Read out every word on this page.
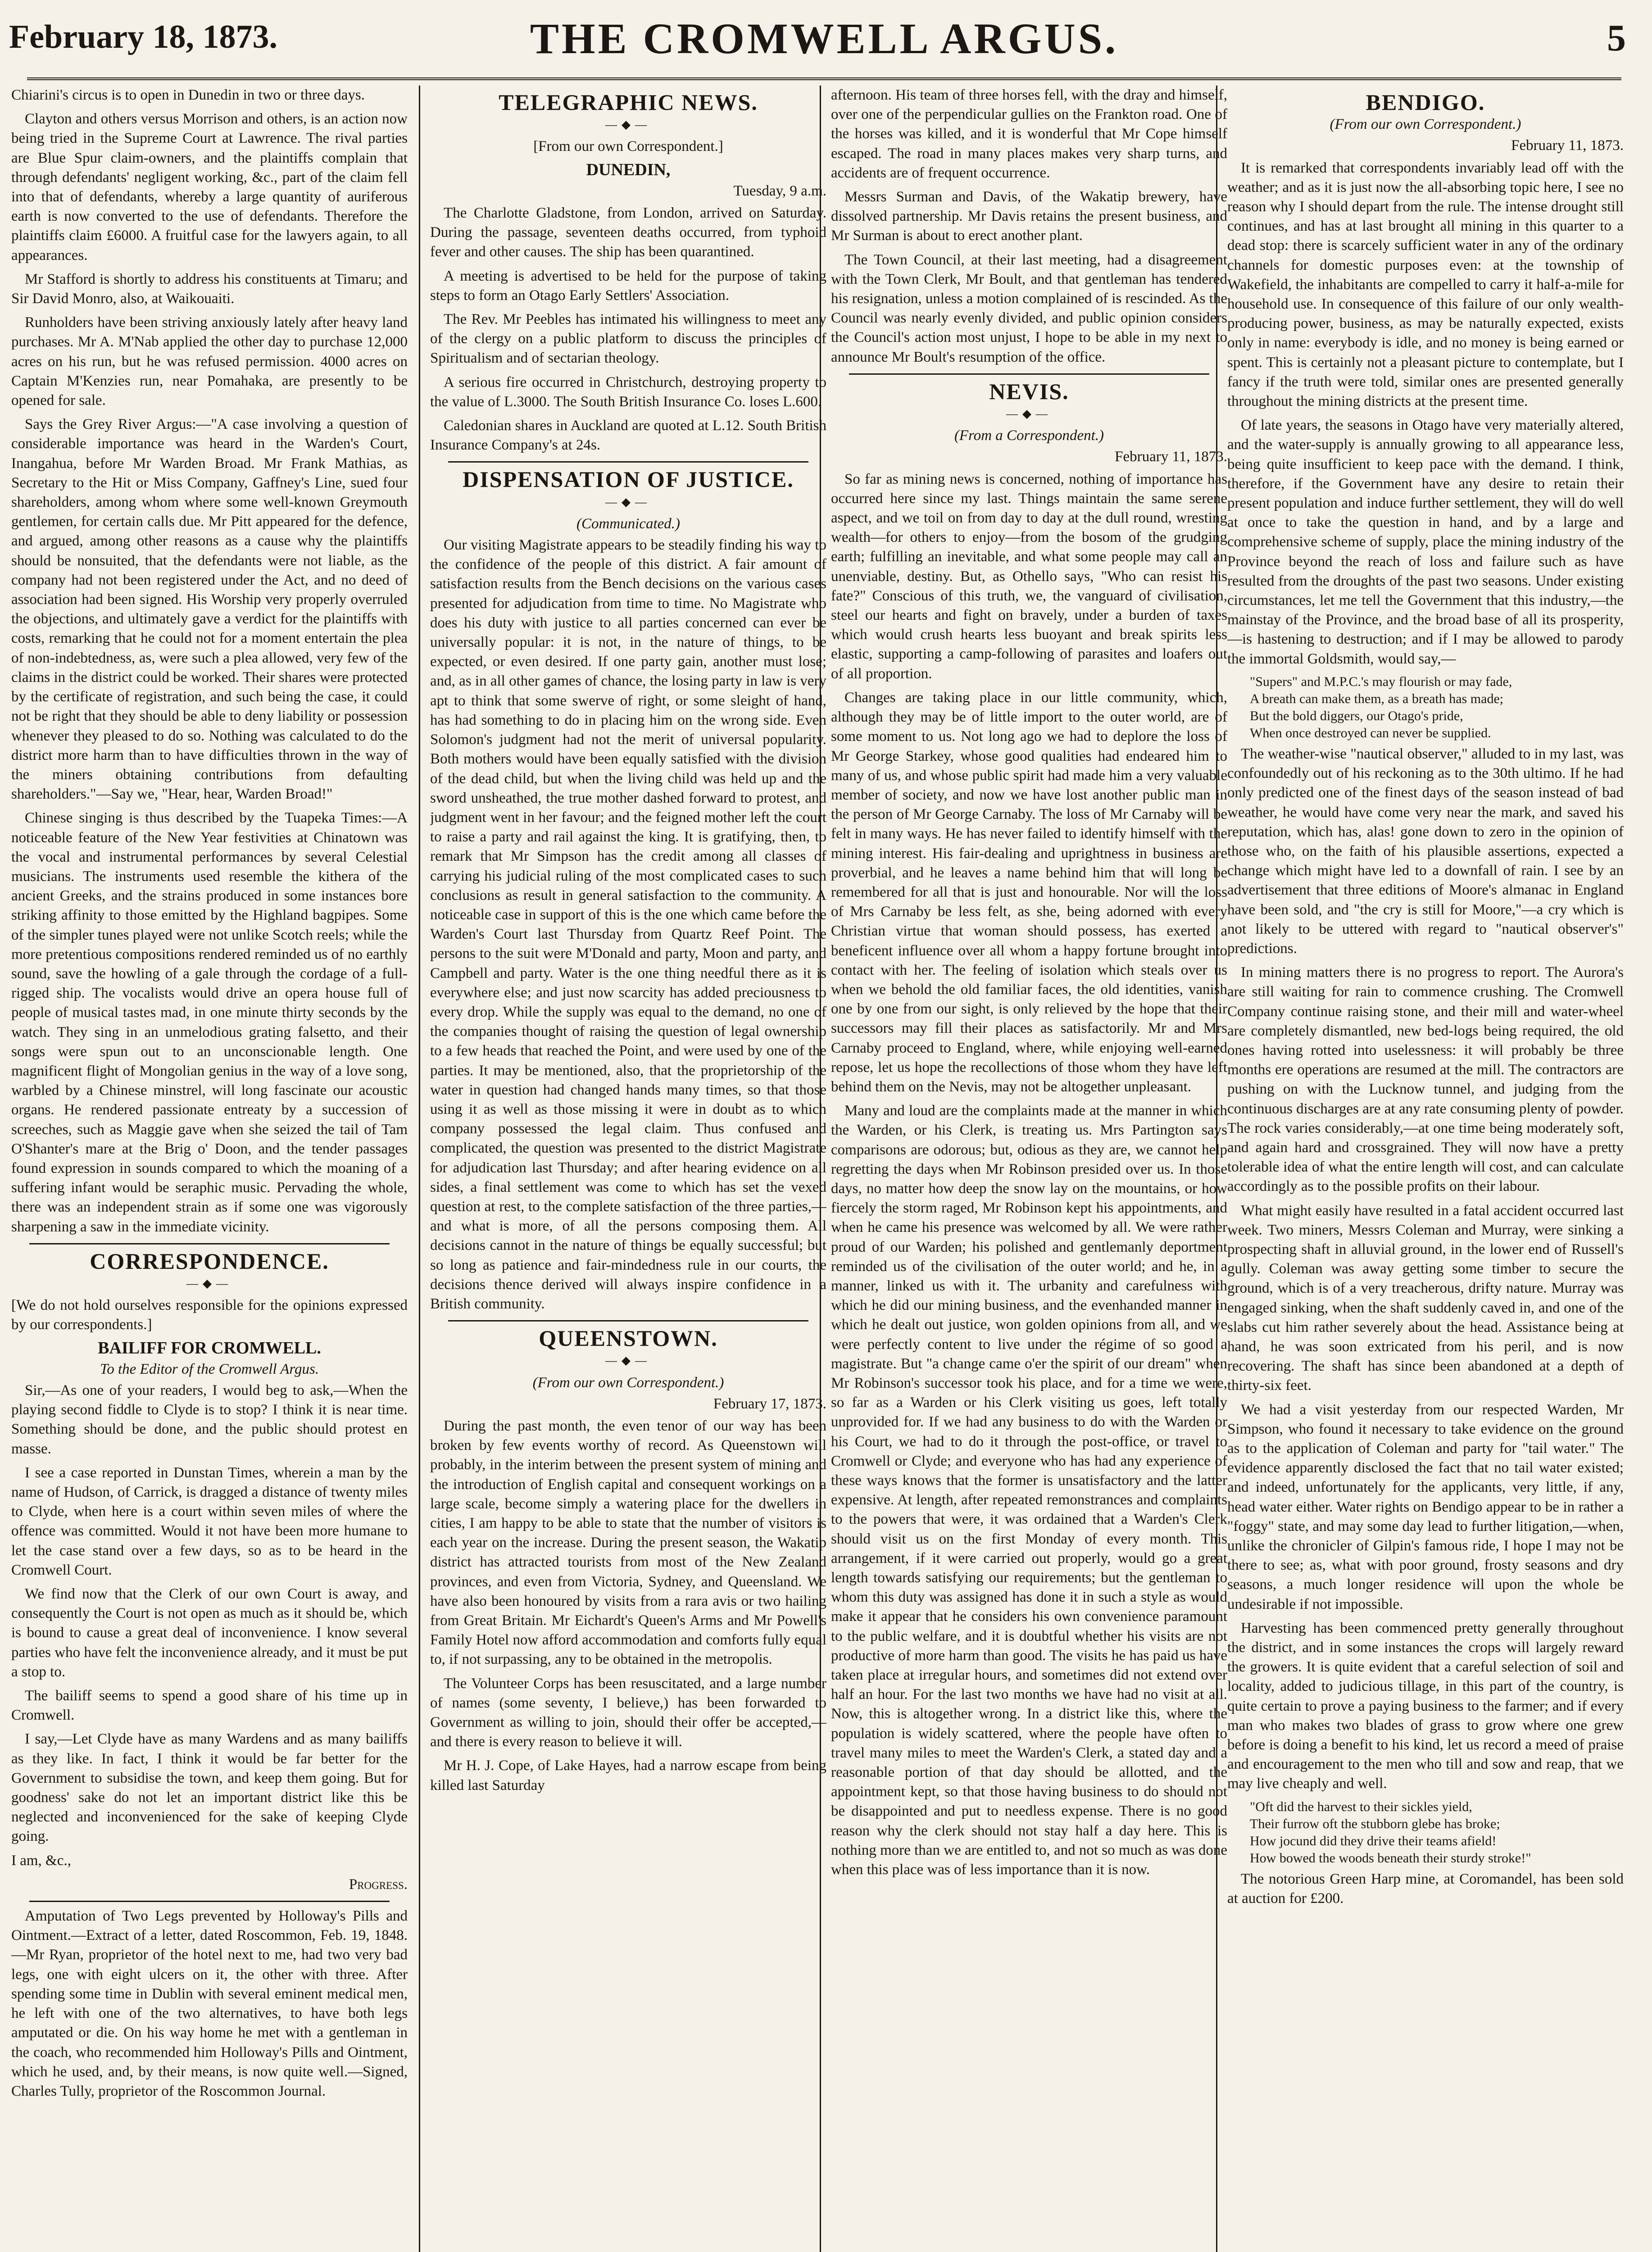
February 18, 1873.	THE CROMWELL ARGUS.	5

Chiarini's circus is to open in Dunedin in two or three days.

Clayton and others versus Morrison and others, is an action now being tried in the Supreme Court at Lawrence. The rival parties are Blue Spur claim-owners, and the plaintiffs complain that through defendants' negligent working, &c., part of the claim fell into that of defendants, whereby a large quantity of auriferous earth is now converted to the use of defendants. Therefore the plaintiffs claim £6000. A fruitful case for the lawyers again, to all appearances.

Mr Stafford is shortly to address his constituents at Timaru; and Sir David Monro, also, at Waikouaiti.

Runholders have been striving anxiously lately after heavy land purchases. Mr A. M'Nab applied the other day to purchase 12,000 acres on his run, but he was refused permission. 4000 acres on Captain M'Kenzies run, near Pomahaka, are presently to be opened for sale.

Says the Grey River Argus:—"A case involving a question of considerable importance was heard in the Warden's Court, Inangahua, before Mr Warden Broad. Mr Frank Mathias, as Secretary to the Hit or Miss Company, Gaffney's Line, sued four shareholders, among whom where some well-known Greymouth gentlemen, for certain calls due. Mr Pitt appeared for the defence, and argued, among other reasons as a cause why the plaintiffs should be nonsuited, that the defendants were not liable, as the company had not been registered under the Act, and no deed of association had been signed. His Worship very properly overruled the objections, and ultimately gave a verdict for the plaintiffs with costs, remarking that he could not for a moment entertain the plea of non-indebtedness, as, were such a plea allowed, very few of the claims in the district could be worked. Their shares were protected by the certificate of registration, and such being the case, it could not be right that they should be able to deny liability or possession whenever they pleased to do so. Nothing was calculated to do the district more harm than to have difficulties thrown in the way of the miners obtaining contributions from defaulting shareholders."—Say we, "Hear, hear, Warden Broad!"

Chinese singing is thus described by the Tuapeka Times:—A noticeable feature of the New Year festivities at Chinatown was the vocal and instrumental performances by several Celestial musicians. The instruments used resemble the kithera of the ancient Greeks, and the strains produced in some instances bore striking affinity to those emitted by the Highland bagpipes. Some of the simpler tunes played were not unlike Scotch reels; while the more pretentious compositions rendered reminded us of no earthly sound, save the howling of a gale through the cordage of a full-rigged ship. The vocalists would drive an opera house full of people of musical tastes mad, in one minute thirty seconds by the watch. They sing in an unmelodious grating falsetto, and their songs were spun out to an unconscionable length. One magnificent flight of Mongolian genius in the way of a love song, warbled by a Chinese minstrel, will long fascinate our acoustic organs. He rendered passionate entreaty by a succession of screeches, such as Maggie gave when she seized the tail of Tam O'Shanter's mare at the Brig o' Doon, and the tender passages found expression in sounds compared to which the moaning of a suffering infant would be seraphic music. Pervading the whole, there was an independent strain as if some one was vigorously sharpening a saw in the immediate vicinity.

CORRESPONDENCE.
—◆—

[We do not hold ourselves responsible for the opinions expressed by our correspondents.]

BAILIFF FOR CROMWELL.

To the Editor of the Cromwell Argus.

Sir,—As one of your readers, I would beg to ask,—When the playing second fiddle to Clyde is to stop? I think it is near time. Something should be done, and the public should protest en masse.

I see a case reported in Dunstan Times, wherein a man by the name of Hudson, of Carrick, is dragged a distance of twenty miles to Clyde, when here is a court within seven miles of where the offence was committed. Would it not have been more humane to let the case stand over a few days, so as to be heard in the Cromwell Court.

We find now that the Clerk of our own Court is away, and consequently the Court is not open as much as it should be, which is bound to cause a great deal of inconvenience. I know several parties who have felt the inconvenience already, and it must be put a stop to.

The bailiff seems to spend a good share of his time up in Cromwell.

I say,—Let Clyde have as many Wardens and as many bailiffs as they like. In fact, I think it would be far better for the Government to subsidise the town, and keep them going. But for goodness' sake do not let an important district like this be neglected and inconvenienced for the sake of keeping Clyde going.

I am, &c.,

Progress.

Amputation of Two Legs prevented by Holloway's Pills and Ointment.—Extract of a letter, dated Roscommon, Feb. 19, 1848.—Mr Ryan, proprietor of the hotel next to me, had two very bad legs, one with eight ulcers on it, the other with three. After spending some time in Dublin with several eminent medical men, he left with one of the two alternatives, to have both legs amputated or die. On his way home he met with a gentleman in the coach, who recommended him Holloway's Pills and Ointment, which he used, and, by their means, is now quite well.—Signed, Charles Tully, proprietor of the Roscommon Journal.

TELEGRAPHIC NEWS.
—◆—

[From our own Correspondent.]

DUNEDIN,

Tuesday, 9 a.m.

The Charlotte Gladstone, from London, arrived on Saturday. During the passage, seventeen deaths occurred, from typhoid fever and other causes. The ship has been quarantined.

A meeting is advertised to be held for the purpose of taking steps to form an Otago Early Settlers' Association.

The Rev. Mr Peebles has intimated his willingness to meet any of the clergy on a public platform to discuss the principles of Spiritualism and of sectarian theology.

A serious fire occurred in Christchurch, destroying property to the value of L.3000. The South British Insurance Co. loses L.600.

Caledonian shares in Auckland are quoted at L.12. South British Insurance Company's at 24s.

DISPENSATION OF JUSTICE.
—◆—

(Communicated.)

Our visiting Magistrate appears to be steadily finding his way to the confidence of the people of this district. A fair amount of satisfaction results from the Bench decisions on the various cases presented for adjudication from time to time. No Magistrate who does his duty with justice to all parties concerned can ever be universally popular: it is not, in the nature of things, to be expected, or even desired. If one party gain, another must lose; and, as in all other games of chance, the losing party in law is very apt to think that some swerve of right, or some sleight of hand, has had something to do in placing him on the wrong side. Even Solomon's judgment had not the merit of universal popularity. Both mothers would have been equally satisfied with the division of the dead child, but when the living child was held up and the sword unsheathed, the true mother dashed forward to protest, and judgment went in her favour; and the feigned mother left the court to raise a party and rail against the king. It is gratifying, then, to remark that Mr Simpson has the credit among all classes of carrying his judicial ruling of the most complicated cases to such conclusions as result in general satisfaction to the community. A noticeable case in support of this is the one which came before the Warden's Court last Thursday from Quartz Reef Point. The persons to the suit were M'Donald and party, Moon and party, and Campbell and party. Water is the one thing needful there as it is everywhere else; and just now scarcity has added preciousness to every drop. While the supply was equal to the demand, no one of the companies thought of raising the question of legal ownership to a few heads that reached the Point, and were used by one of the parties. It may be mentioned, also, that the proprietorship of the water in question had changed hands many times, so that those using it as well as those missing it were in doubt as to which company possessed the legal claim. Thus confused and complicated, the question was presented to the district Magistrate for adjudication last Thursday; and after hearing evidence on all sides, a final settlement was come to which has set the vexed question at rest, to the complete satisfaction of the three parties,—and what is more, of all the persons composing them. All decisions cannot in the nature of things be equally successful; but so long as patience and fair-mindedness rule in our courts, the decisions thence derived will always inspire confidence in a British community.

QUEENSTOWN.
—◆—

(From our own Correspondent.)

February 17, 1873.

During the past month, the even tenor of our way has been broken by few events worthy of record. As Queenstown will probably, in the interim between the present system of mining and the introduction of English capital and consequent workings on a large scale, become simply a watering place for the dwellers in cities, I am happy to be able to state that the number of visitors is each year on the increase. During the present season, the Wakatip district has attracted tourists from most of the New Zealand provinces, and even from Victoria, Sydney, and Queensland. We have also been honoured by visits from a rara avis or two hailing from Great Britain. Mr Eichardt's Queen's Arms and Mr Powell's Family Hotel now afford accommodation and comforts fully equal to, if not surpassing, any to be obtained in the metropolis.

The Volunteer Corps has been resuscitated, and a large number of names (some seventy, I believe,) has been forwarded to Government as willing to join, should their offer be accepted,—and there is every reason to believe it will.

Mr H. J. Cope, of Lake Hayes, had a narrow escape from being killed last Saturday

afternoon. His team of three horses fell, with the dray and himself, over one of the perpendicular gullies on the Frankton road. One of the horses was killed, and it is wonderful that Mr Cope himself escaped. The road in many places makes very sharp turns, and accidents are of frequent occurrence.

Messrs Surman and Davis, of the Wakatip brewery, have dissolved partnership. Mr Davis retains the present business, and Mr Surman is about to erect another plant.

The Town Council, at their last meeting, had a disagreement with the Town Clerk, Mr Boult, and that gentleman has tendered his resignation, unless a motion complained of is rescinded. As the Council was nearly evenly divided, and public opinion considers the Council's action most unjust, I hope to be able in my next to announce Mr Boult's resumption of the office.

NEVIS.
—◆—

(From a Correspondent.)

February 11, 1873.

So far as mining news is concerned, nothing of importance has occurred here since my last. Things maintain the same serene aspect, and we toil on from day to day at the dull round, wresting wealth—for others to enjoy—from the bosom of the grudging earth; fulfilling an inevitable, and what some people may call an unenviable, destiny. But, as Othello says, "Who can resist his fate?" Conscious of this truth, we, the vanguard of civilisation, steel our hearts and fight on bravely, under a burden of taxes which would crush hearts less buoyant and break spirits less elastic, supporting a camp-following of parasites and loafers out of all proportion.

Changes are taking place in our little community, which, although they may be of little import to the outer world, are of some moment to us. Not long ago we had to deplore the loss of Mr George Starkey, whose good qualities had endeared him to many of us, and whose public spirit had made him a very valuable member of society, and now we have lost another public man in the person of Mr George Carnaby. The loss of Mr Carnaby will be felt in many ways. He has never failed to identify himself with the mining interest. His fair-dealing and uprightness in business are proverbial, and he leaves a name behind him that will long be remembered for all that is just and honourable. Nor will the loss of Mrs Carnaby be less felt, as she, being adorned with every Christian virtue that woman should possess, has exerted a beneficent influence over all whom a happy fortune brought into contact with her. The feeling of isolation which steals over us when we behold the old familiar faces, the old identities, vanish one by one from our sight, is only relieved by the hope that their successors may fill their places as satisfactorily. Mr and Mrs Carnaby proceed to England, where, while enjoying well-earned repose, let us hope the recollections of those whom they have left behind them on the Nevis, may not be altogether unpleasant.

Many and loud are the complaints made at the manner in which the Warden, or his Clerk, is treating us. Mrs Partington says comparisons are odorous; but, odious as they are, we cannot help regretting the days when Mr Robinson presided over us. In those days, no matter how deep the snow lay on the mountains, or how fiercely the storm raged, Mr Robinson kept his appointments, and when he came his presence was welcomed by all. We were rather proud of our Warden; his polished and gentlemanly deportment reminded us of the civilisation of the outer world; and he, in a manner, linked us with it. The urbanity and carefulness with which he did our mining business, and the evenhanded manner in which he dealt out justice, won golden opinions from all, and we were perfectly content to live under the régime of so good a magistrate. But "a change came o'er the spirit of our dream" when Mr Robinson's successor took his place, and for a time we were, so far as a Warden or his Clerk visiting us goes, left totally unprovided for. If we had any business to do with the Warden or his Court, we had to do it through the post-office, or travel to Cromwell or Clyde; and everyone who has had any experience of these ways knows that the former is unsatisfactory and the latter expensive. At length, after repeated remonstrances and complaints to the powers that were, it was ordained that a Warden's Clerk should visit us on the first Monday of every month. This arrangement, if it were carried out properly, would go a great length towards satisfying our requirements; but the gentleman to whom this duty was assigned has done it in such a style as would make it appear that he considers his own convenience paramount to the public welfare, and it is doubtful whether his visits are not productive of more harm than good. The visits he has paid us have taken place at irregular hours, and sometimes did not extend over half an hour. For the last two months we have had no visit at all. Now, this is altogether wrong. In a district like this, where the population is widely scattered, where the people have often to travel many miles to meet the Warden's Clerk, a stated day and a reasonable portion of that day should be allotted, and the appointment kept, so that those having business to do should not be disappointed and put to needless expense. There is no good reason why the clerk should not stay half a day here. This is nothing more than we are entitled to, and not so much as was done when this place was of less importance than it is now.

BENDIGO.

(From our own Correspondent.)

February 11, 1873.

It is remarked that correspondents invariably lead off with the weather; and as it is just now the all-absorbing topic here, I see no reason why I should depart from the rule. The intense drought still continues, and has at last brought all mining in this quarter to a dead stop: there is scarcely sufficient water in any of the ordinary channels for domestic purposes even: at the township of Wakefield, the inhabitants are compelled to carry it half-a-mile for household use. In consequence of this failure of our only wealth-producing power, business, as may be naturally expected, exists only in name: everybody is idle, and no money is being earned or spent. This is certainly not a pleasant picture to contemplate, but I fancy if the truth were told, similar ones are presented generally throughout the mining districts at the present time.

Of late years, the seasons in Otago have very materially altered, and the water-supply is annually growing to all appearance less, being quite insufficient to keep pace with the demand. I think, therefore, if the Government have any desire to retain their present population and induce further settlement, they will do well at once to take the question in hand, and by a large and comprehensive scheme of supply, place the mining industry of the Province beyond the reach of loss and failure such as have resulted from the droughts of the past two seasons. Under existing circumstances, let me tell the Government that this industry,—the mainstay of the Province, and the broad base of all its prosperity,—is hastening to destruction; and if I may be allowed to parody the immortal Goldsmith, would say,—

"Supers" and M.P.C.'s may flourish or may fade,
A breath can make them, as a breath has made;
But the bold diggers, our Otago's pride,
When once destroyed can never be supplied.

The weather-wise "nautical observer," alluded to in my last, was confoundedly out of his reckoning as to the 30th ultimo. If he had only predicted one of the finest days of the season instead of bad weather, he would have come very near the mark, and saved his reputation, which has, alas! gone down to zero in the opinion of those who, on the faith of his plausible assertions, expected a change which might have led to a downfall of rain. I see by an advertisement that three editions of Moore's almanac in England have been sold, and "the cry is still for Moore,"—a cry which is not likely to be uttered with regard to "nautical observer's" predictions.

In mining matters there is no progress to report. The Aurora's are still waiting for rain to commence crushing. The Cromwell Company continue raising stone, and their mill and water-wheel are completely dismantled, new bed-logs being required, the old ones having rotted into uselessness: it will probably be three months ere operations are resumed at the mill. The contractors are pushing on with the Lucknow tunnel, and judging from the continuous discharges are at any rate consuming plenty of powder. The rock varies considerably,—at one time being moderately soft, and again hard and crossgrained. They will now have a pretty tolerable idea of what the entire length will cost, and can calculate accordingly as to the possible profits on their labour.

What might easily have resulted in a fatal accident occurred last week. Two miners, Messrs Coleman and Murray, were sinking a prospecting shaft in alluvial ground, in the lower end of Russell's gully. Coleman was away getting some timber to secure the ground, which is of a very treacherous, drifty nature. Murray was engaged sinking, when the shaft suddenly caved in, and one of the slabs cut him rather severely about the head. Assistance being at hand, he was soon extricated from his peril, and is now recovering. The shaft has since been abandoned at a depth of thirty-six feet.

We had a visit yesterday from our respected Warden, Mr Simpson, who found it necessary to take evidence on the ground as to the application of Coleman and party for "tail water." The evidence apparently disclosed the fact that no tail water existed; and indeed, unfortunately for the applicants, very little, if any, head water either. Water rights on Bendigo appear to be in rather a "foggy" state, and may some day lead to further litigation,—when, unlike the chronicler of Gilpin's famous ride, I hope I may not be there to see; as, what with poor ground, frosty seasons and dry seasons, a much longer residence will upon the whole be undesirable if not impossible.

Harvesting has been commenced pretty generally throughout the district, and in some instances the crops will largely reward the growers. It is quite evident that a careful selection of soil and locality, added to judicious tillage, in this part of the country, is quite certain to prove a paying business to the farmer; and if every man who makes two blades of grass to grow where one grew before is doing a benefit to his kind, let us record a meed of praise and encouragement to the men who till and sow and reap, that we may live cheaply and well.

"Oft did the harvest to their sickles yield,
Their furrow oft the stubborn glebe has broke;
How jocund did they drive their teams afield!
How bowed the woods beneath their sturdy stroke!"

The notorious Green Harp mine, at Coromandel, has been sold at auction for £200.
